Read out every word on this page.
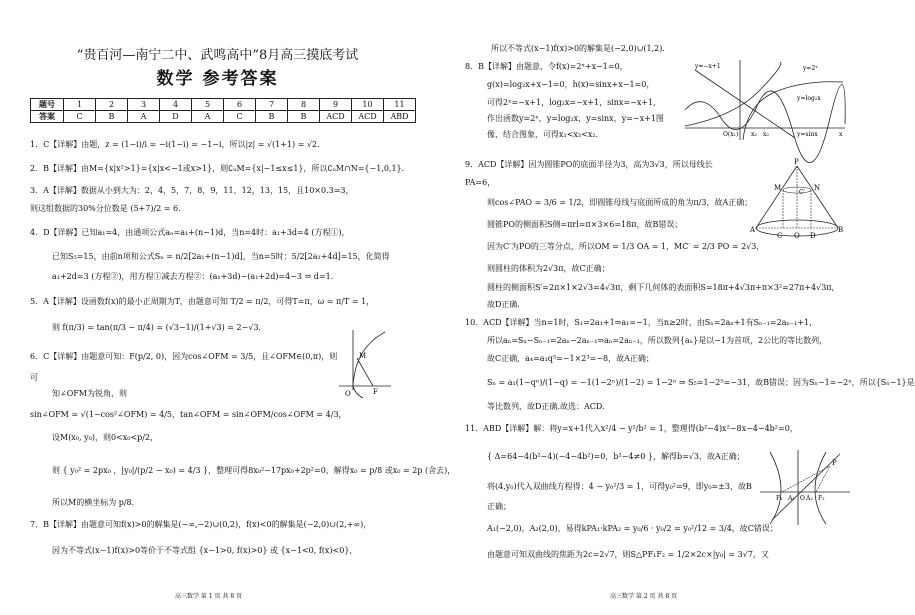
“贵百河—南宁二中、武鸣高中”8月高三摸底考试
数学 参考答案
题号	1	2	3	4	5	6	7	8	9	10	11
答案	C	B	A	D	A	C	B	B	ACD	ACD	ABD
1．C【详解】由题，z = (1−i)/i = −i(1−i) = −1−i，所以|z| = √(1+1) = √2．
2．B【详解】由M={x|x²>1}={x|x<−1或x>1}，则∁ᵤM={x|−1≤x≤1}，所以∁ᵤM∩N={−1,0,1}．
3．A【详解】数据从小到大为：2，4，5，7，8，9，11，12，13，15，且10×0.3=3，
则这组数据的30%分位数是 (5+7)/2 = 6．
4．D【详解】已知a₁=4，由通项公式aₙ=a₁+(n−1)d，当n=4时：a₁+3d=4 (方程①)，
已知S₅=15，由前n项和公式Sₙ = n/2[2a₁+(n−1)d]，当n=5时：5/2[2a₁+4d]=15，化简得
a₁+2d=3 (方程②)，用方程①减去方程②：(a₁+3d)−(a₁+2d)=4−3 ⇒ d=1．
5．A【详解】设函数f(x)的最小正周期为T，由题意可知 T/2 = π/2，可得T=π，ω = π/T = 1，
则 f(π/3) = tan(π/3 − π/4) = (√3−1)/(1+√3) = 2−√3．
6．C【详解】由题意可知：F(p/2, 0)，因为cos∠OFM = 3/5，且∠OFM∈(0,π)，则
可
知∠OFM为锐角，则
sin∠OFM = √(1−cos²∠OFM) = 4/5，tan∠OFM = sin∠OFM/cos∠OFM = 4/3，
设M(x₀, y₀)，则0<x₀<p/2，
则 { y₀² = 2px₀ ，|y₀|/(p/2 − x₀) = 4/3 }，整理可得8x₀²−17px₀+2p²=0，解得x₀ = p/8 或x₀ = 2p (舍去)，
所以M的横坐标为 p/8．
7．B【详解】由题意可知f(x)>0的解集是(−∞,−2)∪(0,2)，f(x)<0的解集是(−2,0)∪(2,+∞)，
因为不等式(x−1)f(x)>0等价于不等式组 {x−1>0, f(x)>0} 或 {x−1<0, f(x)<0}，
M
O	F
高三数学 第 1 页 共 8 页
所以不等式(x−1)f(x)>0的解集是(−2,0)∪(1,2)．
8．B【详解】由题意，令f(x)=2ˣ+x−1=0，
g(x)=log₂x+x−1=0，h(x)=sinx+x−1=0，
可得2ˣ=−x+1，log₂x=−x+1，sinx=−x+1，
作出函数y=2ˣ，y=log₂x，y=sinx，y=−x+1图
像，结合图象，可得x₁<x₃<x₂．
y=−x+1	y=2ˣ
y=log₂x
y=sinx
O(x₁) x₂ x₃	x
9．ACD【详解】因为圆锥PO的底面半径为3，高为3√3，所以母线长
PA=6，
则cos∠PAO = 3/6 = 1/2，即圆锥母线与底面所成的角为π/3，故A正确；
圆锥PO的侧面积S侧=πrl=π×3×6=18π，故B错误；
因为C′为PO的三等分点，所以OM = 1/3 OA = 1，MC′ = 2/3 PO = 2√3，
则圆柱的体积为2√3π，故C正确；
圆柱的侧面积S′=2π×1×2√3=4√3π，剩下几何体的表面积S=18π+4√3π+π×3²=27π+4√3π，
故D正确．
P
N
M
A
C O D
B
C′
10．ACD【详解】当n=1时，S₁=2a₁+1⇒a₁=−1，当n≥2时，由Sₙ=2aₙ+1有Sₙ₋₁=2aₙ₋₁+1，
所以aₙ=Sₙ−Sₙ₋₁=2aₙ−2aₙ₋₁⇒aₙ=2aₙ₋₁，所以数列{aₙ}是以−1为首项，2公比的等比数列，
故C正确，a₄=a₁q³=−1×2³=−8，故A正确；
Sₙ = a₁(1−qⁿ)/(1−q) = −1(1−2ⁿ)/(1−2) = 1−2ⁿ ⇒ S₅=1−2⁵=−31，故B错误；因为Sₙ−1=−2ⁿ，所以{Sₙ−1}是
等比数列，故D正确.故选：ACD.
11．ABD【详解】解：将y=x+1代入x²/4 − y²/b² = 1，整理得(b²−4)x²−8x−4−4b²=0，
{ Δ=64−4(b²−4)(−4−4b²)=0，b²−4≠0 }，解得b=√3，故A正确；
将(4,y₀)代入双曲线方程得：4 − y₀²/3 = 1，可得y₀²=9，即y₀=±3，故B
正确；
A₁(−2,0)，A₂(2,0)，易得kPA₁·kPA₂ = y₀/6 · y₀/2 = y₀²/12 = 3/4，故C错误；
由题意可知双曲线的焦距为2c=2√7，则S△PF₁F₂ = 1/2×2c×|y₀| = 3√7，又
P
F₁ A₁ O A₂ F₂
高三数学 第 2 页 共 8 页
